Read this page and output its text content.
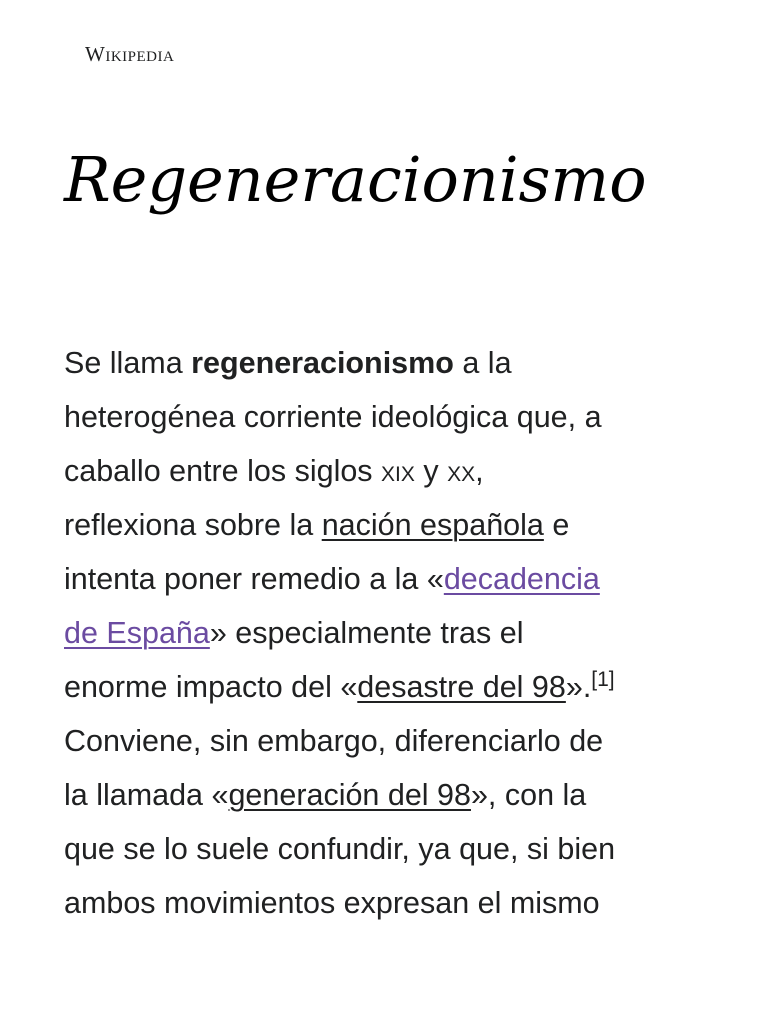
Wikipedia
Regeneracionismo

Se llama regeneracionismo a la
heterogénea corriente ideológica que, a
caballo entre los siglos xix y xx,
reflexiona sobre la nación española e
intenta poner remedio a la «decadencia
de España» especialmente tras el
enorme impacto del «desastre del 98».[1]
Conviene, sin embargo, diferenciarlo de
la llamada «generación del 98», con la
que se lo suele confundir, ya que, si bien
ambos movimientos expresan el mismo
